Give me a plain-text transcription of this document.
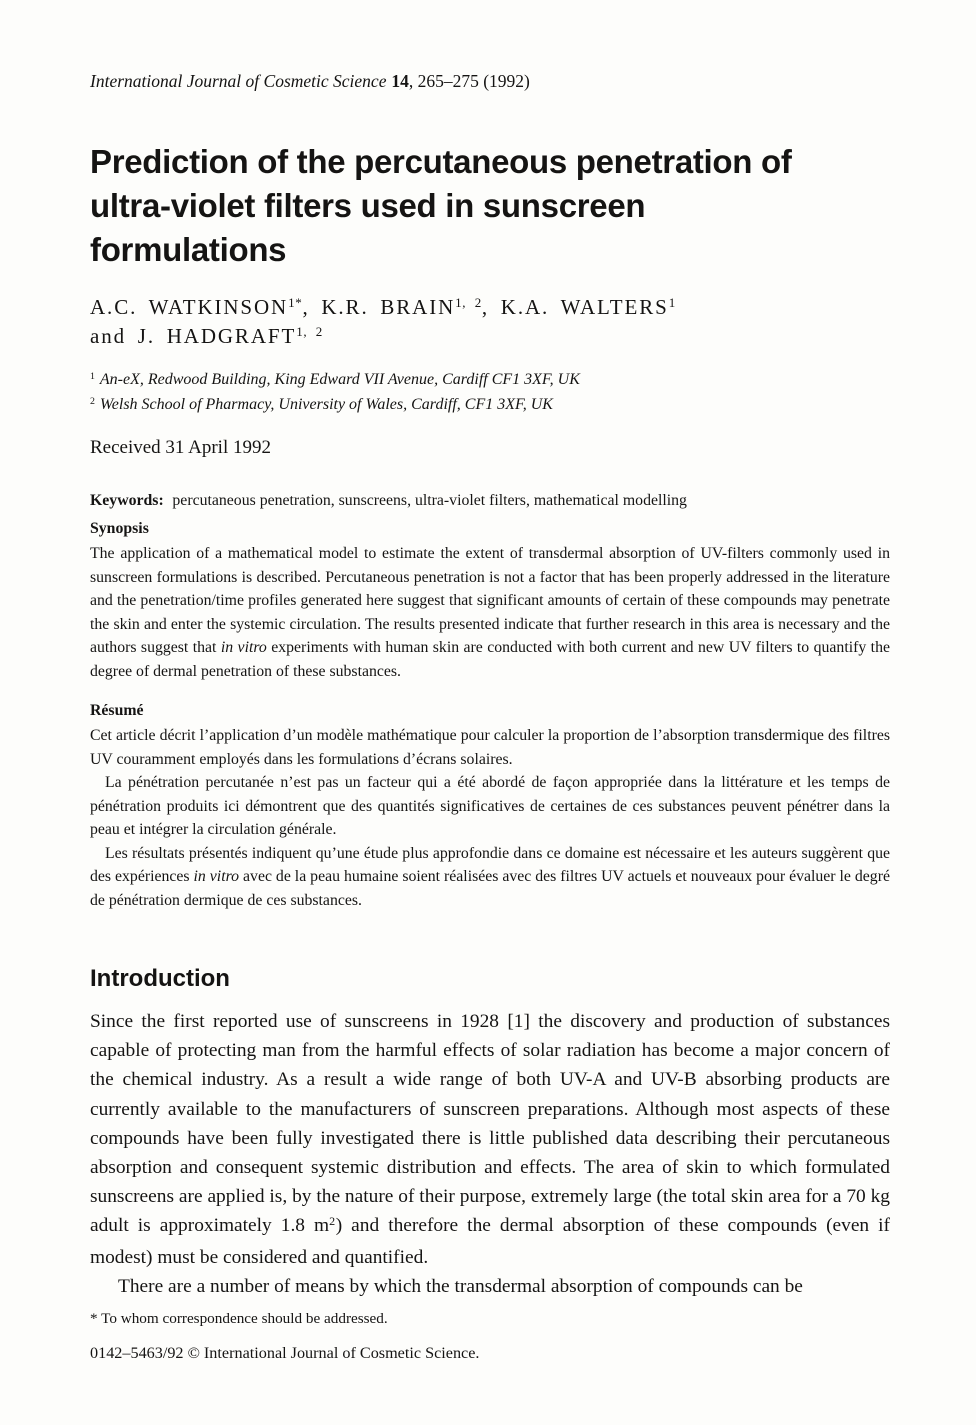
International Journal of Cosmetic Science 14, 265–275 (1992)

Prediction of the percutaneous penetration of
ultra-violet filters used in sunscreen
formulations
A.C. $WATKINSON^{1*}$, K.R. BRAIN$^{1, 2}$, K.A. WALTERS$^1$
and J. HADGRAFT$^{1, 2}$

$^1$ An-eX, Redwood Building, King Edward VII Avenue, Cardiff CF1 3XF, UK

$^2$ Welsh School of Pharmacy, University of Wales, Cardiff, CF1 3XF, UK

Received 31 April 1992

Keywords: percutaneous penetration, sunscreens, ultra-violet filters, mathematical modelling

Synopsis

The application of a mathematical model to estimate the extent of transdermal absorption of UV-filters commonly used in sunscreen formulations is described. Percutaneous penetration is not a factor that has been properly addressed in the literature and the penetration/time profiles generated here suggest that significant amounts of certain of these compounds may penetrate the skin and enter the systemic circulation. The results presented indicate that further research in this area is necessary and the authors suggest that in vitro experiments with human skin are conducted with both current and new UV filters to quantify the degree of dermal penetration of these substances.

Résumé

Cet article décrit l’application d’un modèle mathématique pour calculer la proportion de l’absorption transdermique des filtres UV couramment employés dans les formulations d’écrans solaires.

La pénétration percutanée n’est pas un facteur qui a été abordé de façon appropriée dans la littérature et les temps de pénétration produits ici démontrent que des quantités significatives de certaines de ces substances peuvent pénétrer dans la peau et intégrer la circulation générale.

Les résultats présentés indiquent qu’une étude plus approfondie dans ce domaine est nécessaire et les auteurs suggèrent que des expériences in vitro avec de la peau humaine soient réalisées avec des filtres UV actuels et nouveaux pour évaluer le degré de pénétration dermique de ces substances.

Introduction

Since the first reported use of sunscreens in 1928 [1] the discovery and production of substances capable of protecting man from the harmful effects of solar radiation has become a major concern of the chemical industry. As a result a wide range of both UV-A and UV-B absorbing products are currently available to the manufacturers of sunscreen preparations. Although most aspects of these compounds have been fully investigated there is little published data describing their percutaneous absorption and consequent systemic distribution and effects. The area of skin to which formulated sunscreens are applied is, by the nature of their purpose, extremely large (the total skin area for a 70 kg adult is approximately 1.8 $m^2$) and therefore the dermal absorption of these compounds (even if modest) must be considered and quantified.

There are a number of means by which the transdermal absorption of compounds can be

* To whom correspondence should be addressed.

0142–5463/92 © International Journal of Cosmetic Science.
